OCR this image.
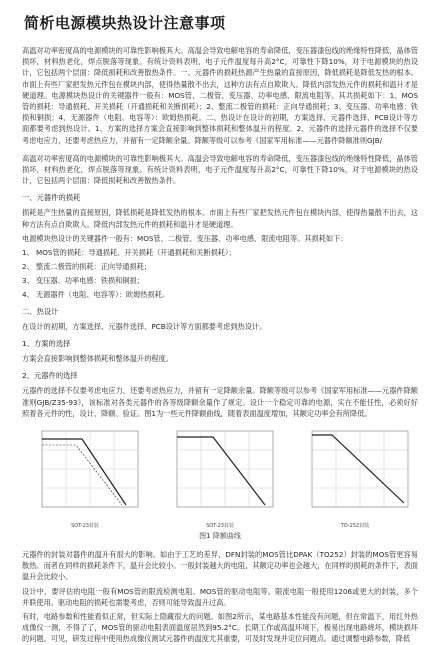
简析电源模块热设计注意事项

高温对功率密度高的电源模块的可靠性影响极其大。高温会导致电解电容的寿命降低，变压器漆包线的绝缘特性降低，晶体管损坏，材料热老化，焊点脱落等现象。有统计资料表明，电子元件温度每升高2°C，可靠性下降10%，对于电源模块的热设计，它包括两个层面：降低损耗和改善散热条件。一、元器件的损耗热源产生热量的直接原因，降低损耗是降低发热的根本。市面上有些厂家把发热元件包在模块内部，使得热量散不出去，这种方法有点自欺欺人。降低内部发热元件的损耗和温升才是硬道理。电源模块热设计的关键器件一般有：MOS管、二极管、变压器、功率电感、限流电阻等。其共损耗如下：1、MOS管的损耗：导通损耗、开关损耗（开通损耗和关断损耗）；2、整流二极管的损耗：正向导通损耗；3、变压器、功率电感：铁损和铜损；4、无源器件（电阻、电容等）：欧姆热损耗。二、热设计在设计的初期，方案选择、元器件选择、PCB设计等方面都要考虑到热设计。1、方案的选择方案会直接影响到整体损耗和整体温升的程度。2、元器件的选择元器件的选择不仅要考虑电应力，还要考虑热应力，并留有一定降额余量。降额等级可以参考《国家军用标准——元器件降额准则GJB/

高温对功率密度高的电源模块的可靠性影响极其大。高温会导致电解电容的寿命降低，变压器漆包线的绝缘特性降低，晶体管损坏，材料热老化，焊点脱落等现象。有统计资料表明，电子元件温度每升高2°C，可靠性下降10%，对于电源模块的热设计，它包括两个层面：降低损耗和改善散热条件。

一、元器件的损耗

损耗是产生热量的直接原因，降低损耗是降低发热的根本。市面上有些厂家把发热元件包在模块内部，使得热量散不出去，这种方法有点自欺欺人。降低内部发热元件的损耗和温升才是硬道理。

电源模块热设计的关键器件一般有：MOS管、二极管、变压器、功率电感、限流电阻等。其损耗如下：

1、 MOS管的损耗：导通损耗、开关损耗（开通损耗和关断损耗）；
2、 整流二极管的损耗：正向导通损耗；
3、 变压器、功率电感：铁损和铜损；
4、 无源器件（电阻、电容等）：欧姆热损耗。
二、热设计

在设计的初期，方案选择、元器件选择、PCB设计等方面都要考虑到热设计。

1、方案的选择

方案会直接影响到整体损耗和整体温升的程度。

2、元器件的选择

元器件的选择不仅要考虑电应力，还要考虑热应力，并留有一定降额余量。降额等级可以参考《国家军用标准——元器件降额准则GJB/Z35-93》，该标准对各类元器件的各等级降额余量作了规定。设计一个稳定可靠的电源，实在不能任性，必须好好照着各元件的性，设计、降额、验证。图1为一些元件降额曲线，随着表面温度增加，其额定功率会有所降低。

SOT-23封装	SOT-23封装	TO-252封装
图1 降额曲线

元器件的封装对器件的温升有很大的影响。如由于工艺的差异，DFN封装的MOS管比DPAK（TO252）封装的MOS管更容易散热。而者在同样的损耗条件下，温升会比较小。一般封装越大的电阻，其额定功率也会越大，在同样的损耗的条件下，表面温升会比较小。

设计中，要评估的电阻一般有MOS管的限流检测电阻、MOS管的驱动电阻等。限流电阻一般使用1206或更大的封装，多个并联使用。驱动电阻的损耗也需要考虑，否则可能导致温升过高。

有时，电路参数和性能看似正常，但实际上隐藏很大的问题。如图2所示，某电路基本性能没有问题，但在常温下，用红外热成像仪一测，不得了了，MOS管的驱动电阻表面温度居然到95.2°C。长期工作或高温环境下，极易出现电路烧坏，模块损坏的问题。可见，研发过程中使用热成像仪测试元器件的温度尤其重要，可及时发现并定位问题点。通过调整电路参数，降低
